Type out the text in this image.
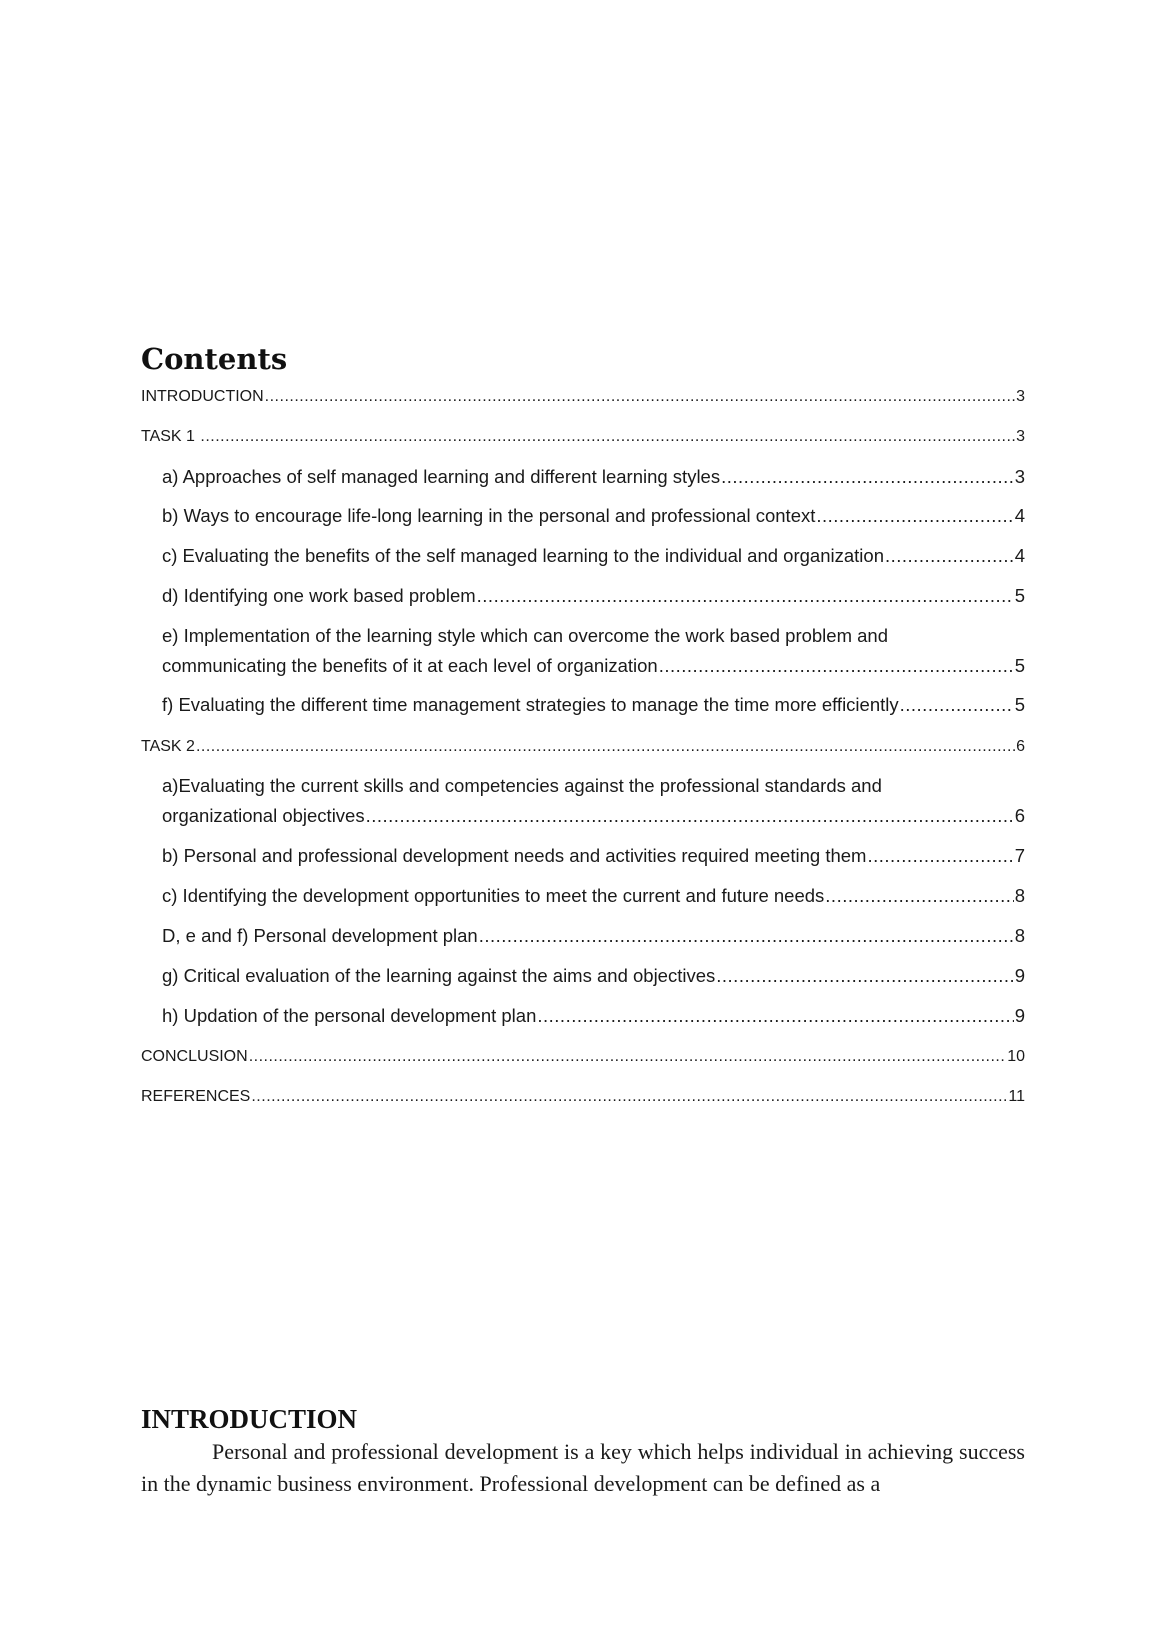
Contents
INTRODUCTION .....	3
TASK 1 .....	3
a) Approaches of self managed learning and different learning styles .....	3
b) Ways to encourage life-long learning in the personal and professional context .....	4
c) Evaluating the benefits of the self managed learning to the individual and organization .....	4
d) Identifying one work based problem .....	5
e) Implementation of the learning style which can overcome the work based problem and
communicating the benefits of it at each level of organization .....	5
f) Evaluating the different time management strategies to manage the time more efficiently .....	5
TASK 2 .....	6
a)Evaluating the current skills and competencies against the professional standards and
organizational objectives .....	6
b) Personal and professional development needs and activities required meeting them .....	7
c) Identifying the development opportunities to meet the current and future needs .....	8
D, e and f) Personal development plan .....	8
g) Critical evaluation of the learning against the aims and objectives .....	9
h) Updation of the personal development plan .....	9
CONCLUSION .....	10
REFERENCES .....	11
INTRODUCTION

Personal and professional development is a key which helps individual in achieving success in the dynamic business environment. Professional development can be defined as a
